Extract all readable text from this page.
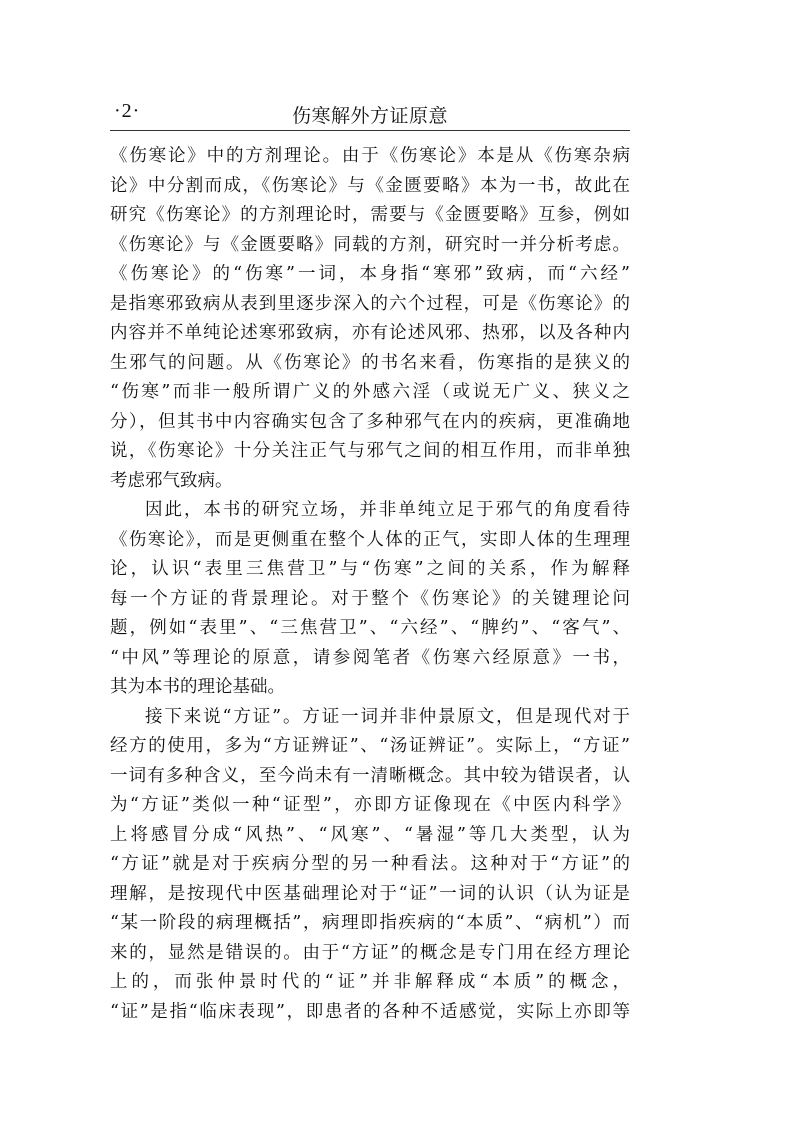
·2·	伤寒解外方证原意
《伤寒论》中的方剂理论。由于《伤寒论》本是从《伤寒杂病
论》中分割而成，《伤寒论》与《金匮要略》本为一书，故此在
研究《伤寒论》的方剂理论时，需要与《金匮要略》互参，例如
《伤寒论》与《金匮要略》同载的方剂，研究时一并分析考虑。
《伤寒论》的“伤寒”一词，本身指“寒邪”致病，而“六经”
是指寒邪致病从表到里逐步深入的六个过程，可是《伤寒论》的
内容并不单纯论述寒邪致病，亦有论述风邪、热邪，以及各种内
生邪气的问题。从《伤寒论》的书名来看，伤寒指的是狭义的
“伤寒”而非一般所谓广义的外感六淫（或说无广义、狭义之
分），但其书中内容确实包含了多种邪气在内的疾病，更准确地
说，《伤寒论》十分关注正气与邪气之间的相互作用，而非单独
考虑邪气致病。
因此，本书的研究立场，并非单纯立足于邪气的角度看待
《伤寒论》，而是更侧重在整个人体的正气，实即人体的生理理
论，认识“表里三焦营卫”与“伤寒”之间的关系，作为解释
每一个方证的背景理论。对于整个《伤寒论》的关键理论问
题，例如“表里”、“三焦营卫”、“六经”、“脾约”、“客气”、
“中风”等理论的原意，请参阅笔者《伤寒六经原意》一书，
其为本书的理论基础。
接下来说“方证”。方证一词并非仲景原文，但是现代对于
经方的使用，多为“方证辨证”、“汤证辨证”。实际上，“方证”
一词有多种含义，至今尚未有一清晰概念。其中较为错误者，认
为“方证”类似一种“证型”，亦即方证像现在《中医内科学》
上将感冒分成“风热”、“风寒”、“暑湿”等几大类型，认为
“方证”就是对于疾病分型的另一种看法。这种对于“方证”的
理解，是按现代中医基础理论对于“证”一词的认识（认为证是
“某一阶段的病理概括”，病理即指疾病的“本质”、“病机”）而
来的，显然是错误的。由于“方证”的概念是专门用在经方理论
上的，而张仲景时代的“证”并非解释成“本质”的概念，
“证”是指“临床表现”，即患者的各种不适感觉，实际上亦即等
